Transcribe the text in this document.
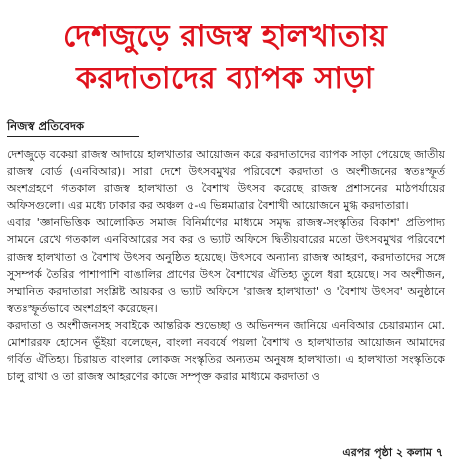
দেশজুড়ে রাজস্ব হালখাতায়
করদাতাদের ব্যাপক সাড়া
নিজস্ব প্রতিবেদক

দেশজুড়ে বকেয়া রাজস্ব আদায়ে হালখাতার আয়োজন করে করদাতাদের ব্যাপক সাড়া পেয়েছে জাতীয় রাজস্ব বোর্ড (এনবিআর)। সারা দেশে উৎসবমুখর পরিবেশে করদাতা ও অংশীজনের স্বতঃস্ফূর্ত অংশগ্রহণে গতকাল রাজস্ব হালখাতা ও বৈশাখ উৎসব করেছে রাজস্ব প্রশাসনের মাঠপর্যায়ের অফিসগুলো। এর মধ্যে ঢাকার কর অঞ্চল ৫-এ ভিন্নমাত্রার বৈশাখী আয়োজনে মুগ্ধ করদাতারা।

এবার 'জ্ঞানভিত্তিক আলোকিত সমাজ বিনির্মাণের মাধ্যমে সমৃদ্ধ রাজস্ব-সংস্কৃতির বিকাশ' প্রতিপাদ্য সামনে রেখে গতকাল এনবিআরের সব কর ও ভ্যাট অফিসে দ্বিতীয়বারের মতো উৎসবমুখর পরিবেশে রাজস্ব হালখাতা ও বৈশাখ উৎসব অনুষ্ঠিত হয়েছে। উৎসবে অন্যান্য রাজস্ব আহরণ, করদাতাদের সঙ্গে সুসম্পর্ক তৈরির পাশাপাশি বাঙালির প্রাণের উৎস বৈশাখের ঐতিহ্য তুলে ধরা হয়েছে। সব অংশীজন, সম্মানিত করদাতারা সংশ্লিষ্ট আয়কর ও ভ্যাট অফিসে 'রাজস্ব হালখাতা' ও 'বৈশাখ উৎসব' অনুষ্ঠানে স্বতঃস্ফূর্তভাবে অংশগ্রহণ করেছেন।

করদাতা ও অংশীজনসহ সবাইকে আন্তরিক শুভেচ্ছা ও অভিনন্দন জানিয়ে এনবিআর চেয়ারম্যান মো. মোশাররফ হোসেন ভূঁইয়া বলেছেন, বাংলা নববর্ষে পয়লা বৈশাখ ও হালখাতার আয়োজন আমাদের গর্বিত ঐতিহ্য। চিরায়ত বাংলার লোকজ সংস্কৃতির অন্যতম অনুষঙ্গ হালখাতা। এ হালখাতা সংস্কৃতিকে চালু রাখা ও তা রাজস্ব আহরণের কাজে সম্পৃক্ত করার মাধ্যমে করদাতা ও

এরপর পৃষ্ঠা ২ কলাম ৭
